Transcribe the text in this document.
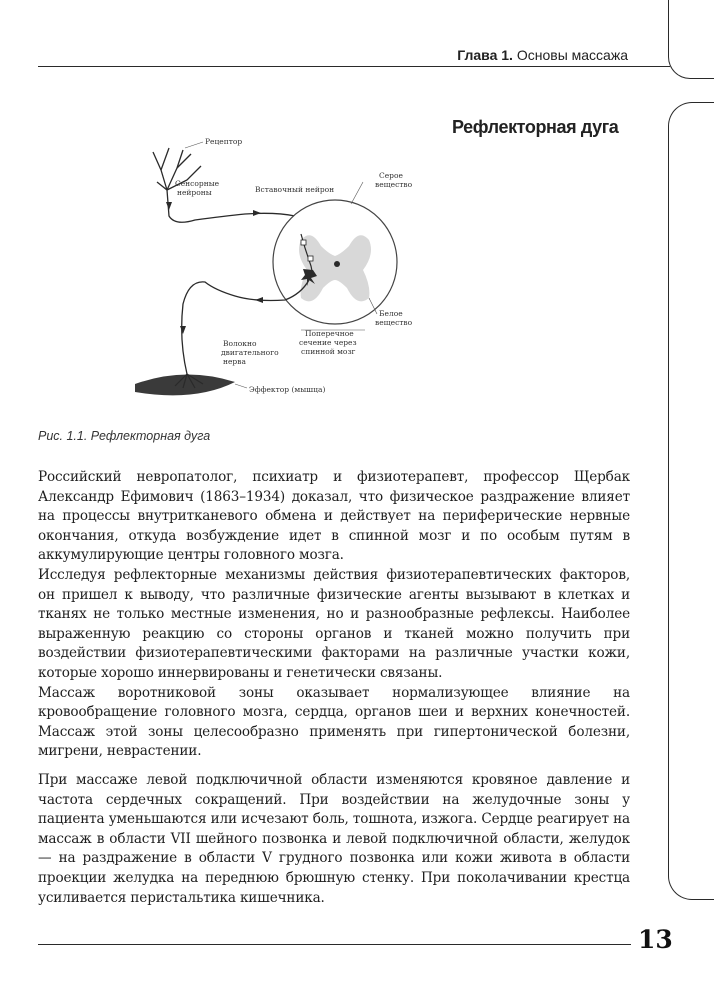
Глава 1. Основы массажа
Рефлекторная дуга
Рецептор
Сенсорные
нейроны	Вставочный нейрон
Серое
вещество
Белое
вещество
Поперечное
сечение через
спинной мозг
Волокно
двигательного
нерва
Эффектор (мышца)
Рис. 1.1. Рефлекторная дуга

Российский невропатолог, психиатр и физиотерапевт, профессор Щербак Александр Ефимович (1863–1934) доказал, что физическое раздражение влияет на процессы внутритканевого обмена и действует на периферические нервные окончания, откуда возбуждение идет в спинной мозг и по особым путям в аккумулирующие центры головного мозга.

Исследуя рефлекторные механизмы действия физиотерапевтических факторов, он пришел к выводу, что различные физические агенты вызывают в клетках и тканях не только местные изменения, но и разнообразные рефлексы. Наиболее выраженную реакцию со стороны органов и тканей можно получить при воздействии физиотерапевтическими факторами на различные участки кожи, которые хорошо иннервированы и генетически связаны.

Массаж воротниковой зоны оказывает нормализующее влияние на кровообращение головного мозга, сердца, органов шеи и верхних конечностей. Массаж этой зоны целесообразно применять при гипертонической болезни, мигрени, неврастении.

При массаже левой подключичной области изменяются кровяное давление и частота сердечных сокращений. При воздействии на желудочные зоны у пациента уменьшаются или исчезают боль, тошнота, изжога. Сердце реагирует на массаж в области VII шейного позвонка и левой подключичной области, желудок — на раздражение в области V грудного позвонка или кожи живота в области проекции желудка на переднюю брюшную стенку. При поколачивании крестца усиливается перистальтика кишечника.

13
